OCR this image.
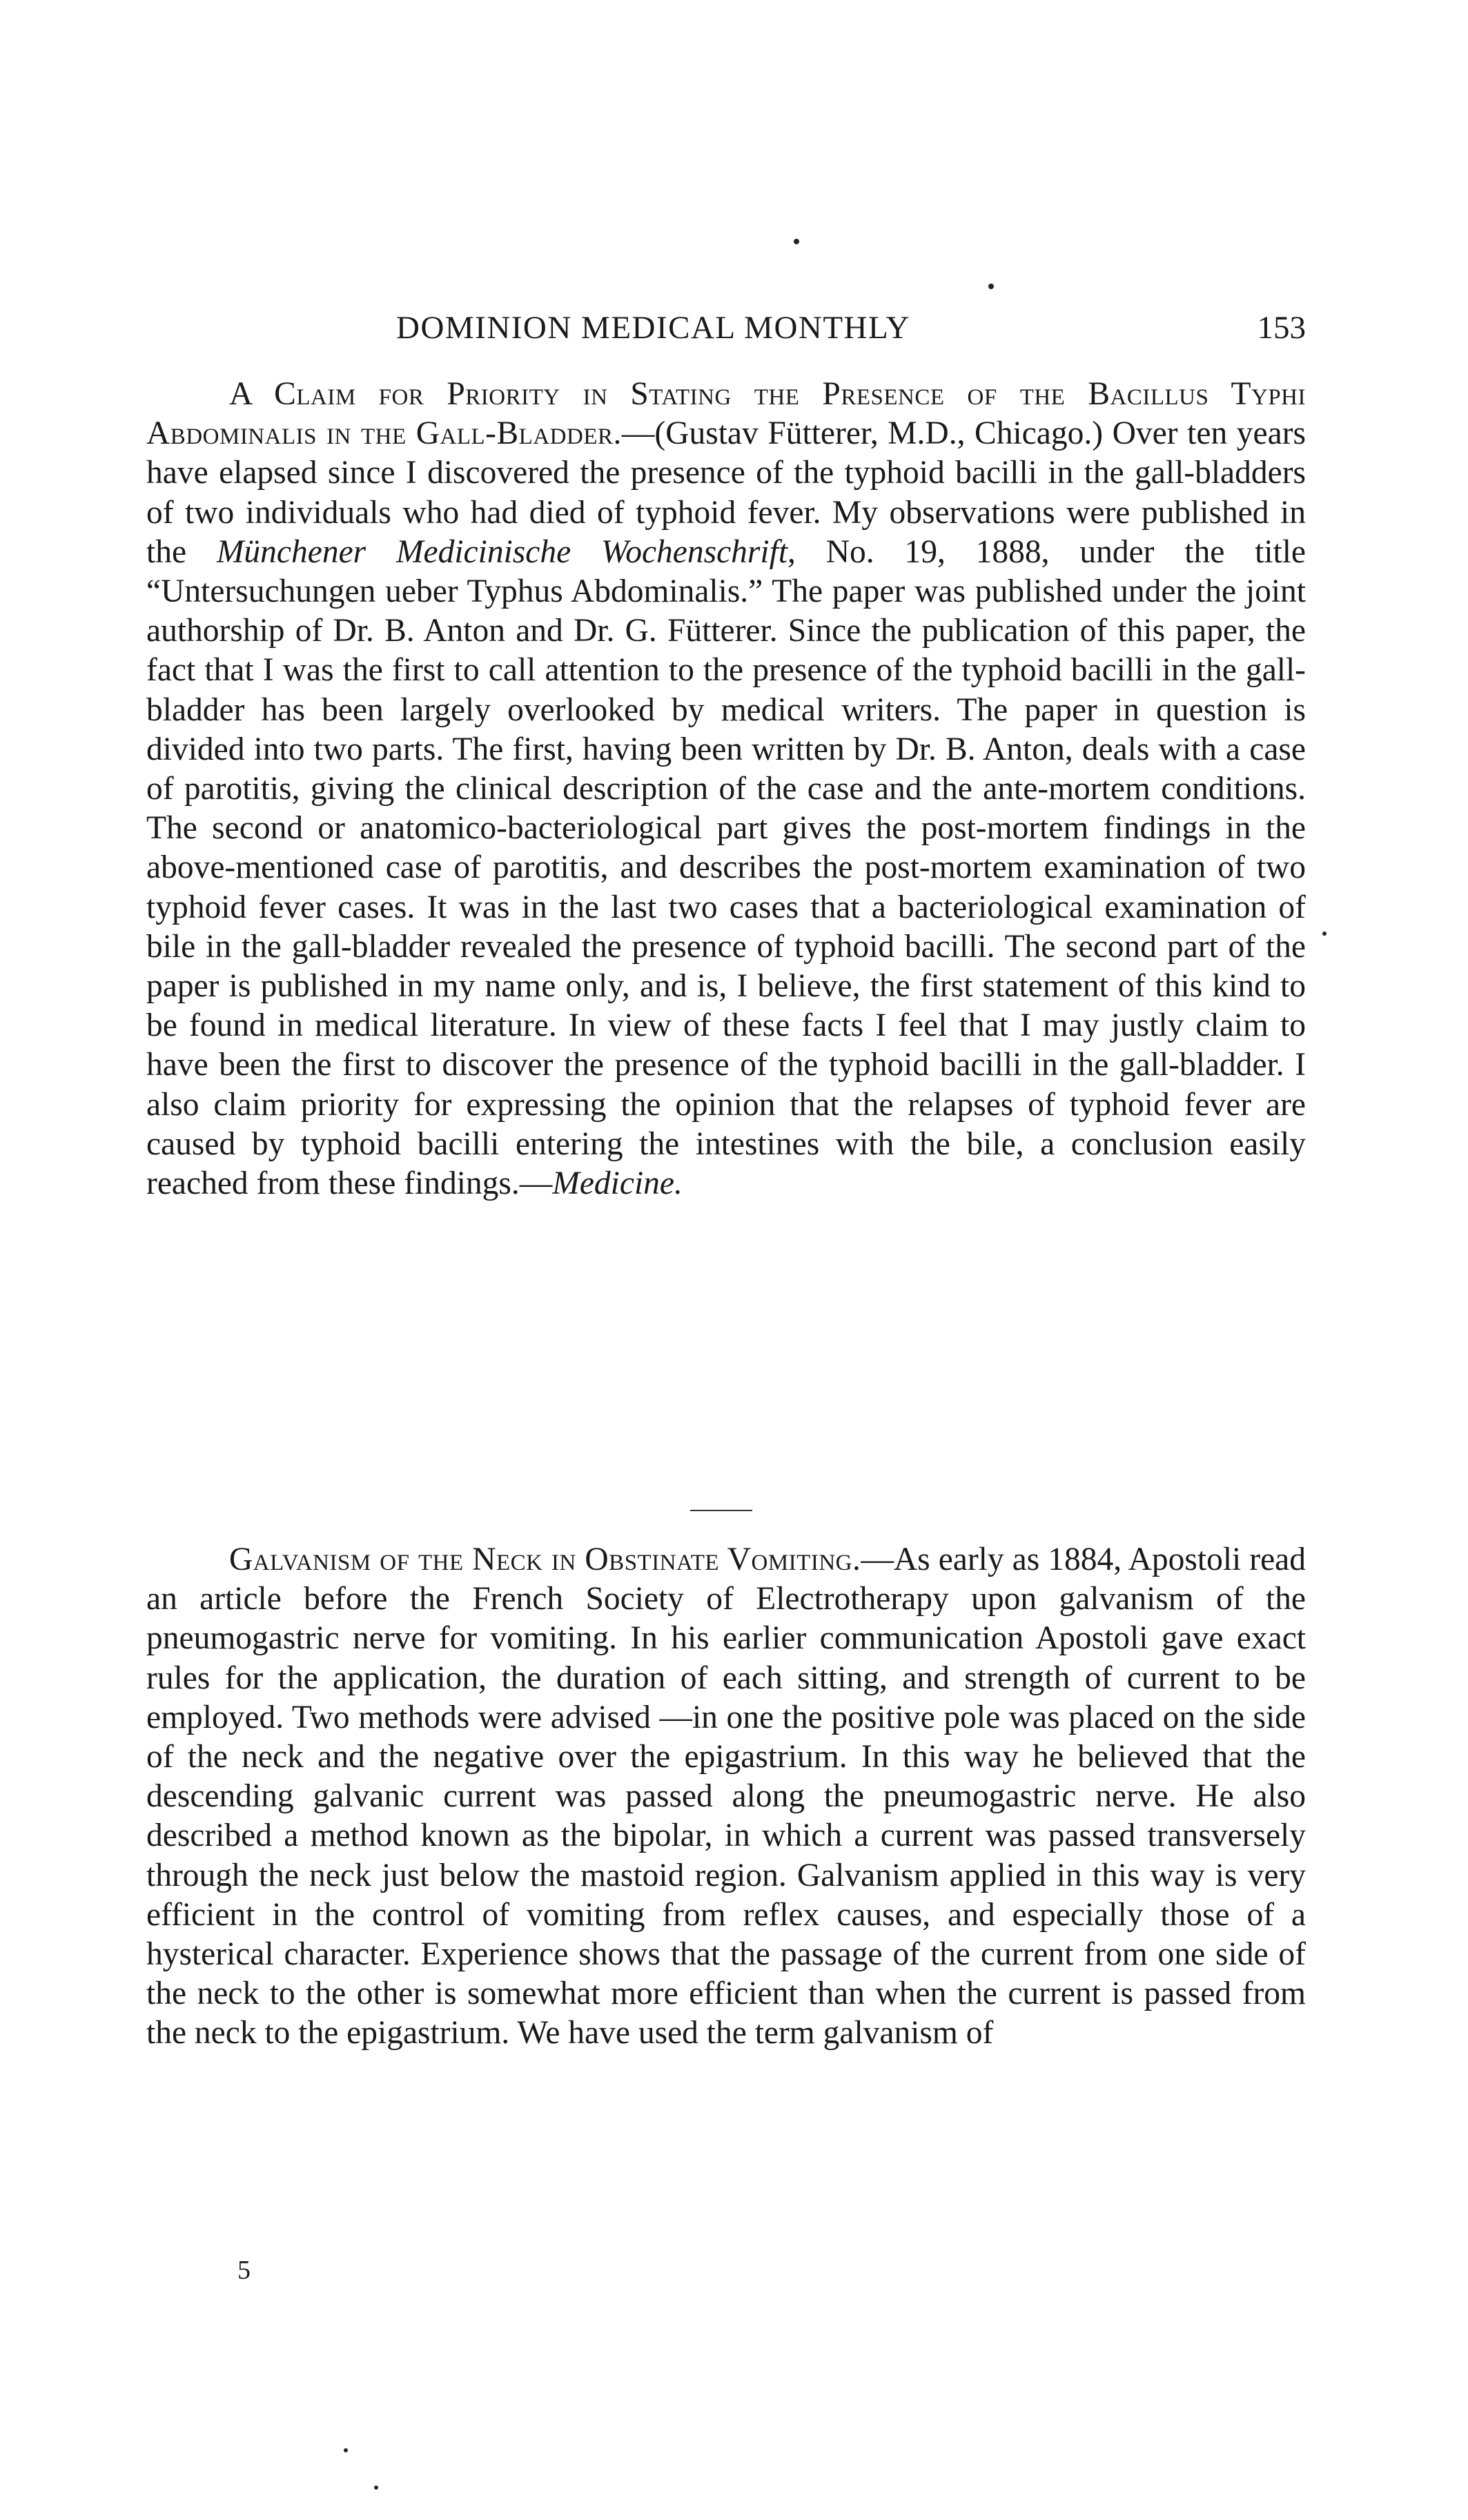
DOMINION MEDICAL MONTHLY	153

A Claim for Priority in Stating the Presence of the Bacillus Typhi Abdominalis in the Gall-Bladder.—(Gustav Fütterer, M.D., Chicago.) Over ten years have elapsed since I discovered the presence of the typhoid bacilli in the gall-bladders of two individuals who had died of typhoid fever. My observations were published in the Münchener Medicinische Wochenschrift, No. 19, 1888, under the title “Untersuchungen ueber Typhus Abdominalis.” The paper was published under the joint authorship of Dr. B. Anton and Dr. G. Fütterer. Since the publication of this paper, the fact that I was the first to call attention to the presence of the typhoid bacilli in the gall-bladder has been largely overlooked by medical writers. The paper in question is divided into two parts. The first, having been written by Dr. B. Anton, deals with a case of parotitis, giving the clinical description of the case and the ante-mortem conditions. The second or anatomico-bacteriological part gives the post-mortem findings in the above-mentioned case of parotitis, and describes the post-mortem examination of two typhoid fever cases. It was in the last two cases that a bacteriological examination of bile in the gall-bladder revealed the presence of typhoid bacilli. The second part of the paper is published in my name only, and is, I believe, the first statement of this kind to be found in medical literature. In view of these facts I feel that I may justly claim to have been the first to discover the presence of the typhoid bacilli in the gall-bladder. I also claim priority for expressing the opinion that the relapses of typhoid fever are caused by typhoid bacilli entering the intestines with the bile, a conclusion easily reached from these findings.—Medicine.

Galvanism of the Neck in Obstinate Vomiting.—As early as 1884, Apostoli read an article before the French Society of Electrotherapy upon galvanism of the pneumogastric nerve for vomiting. In his earlier communication Apostoli gave exact rules for the application, the duration of each sitting, and strength of current to be employed. Two methods were advised —in one the positive pole was placed on the side of the neck and the negative over the epigastrium. In this way he believed that the descending galvanic current was passed along the pneumogastric nerve. He also described a method known as the bipolar, in which a current was passed transversely through the neck just below the mastoid region. Galvanism applied in this way is very efficient in the control of vomiting from reflex causes, and especially those of a hysterical character. Experience shows that the passage of the current from one side of the neck to the other is somewhat more efficient than when the current is passed from the neck to the epigastrium. We have used the term galvanism of

5
